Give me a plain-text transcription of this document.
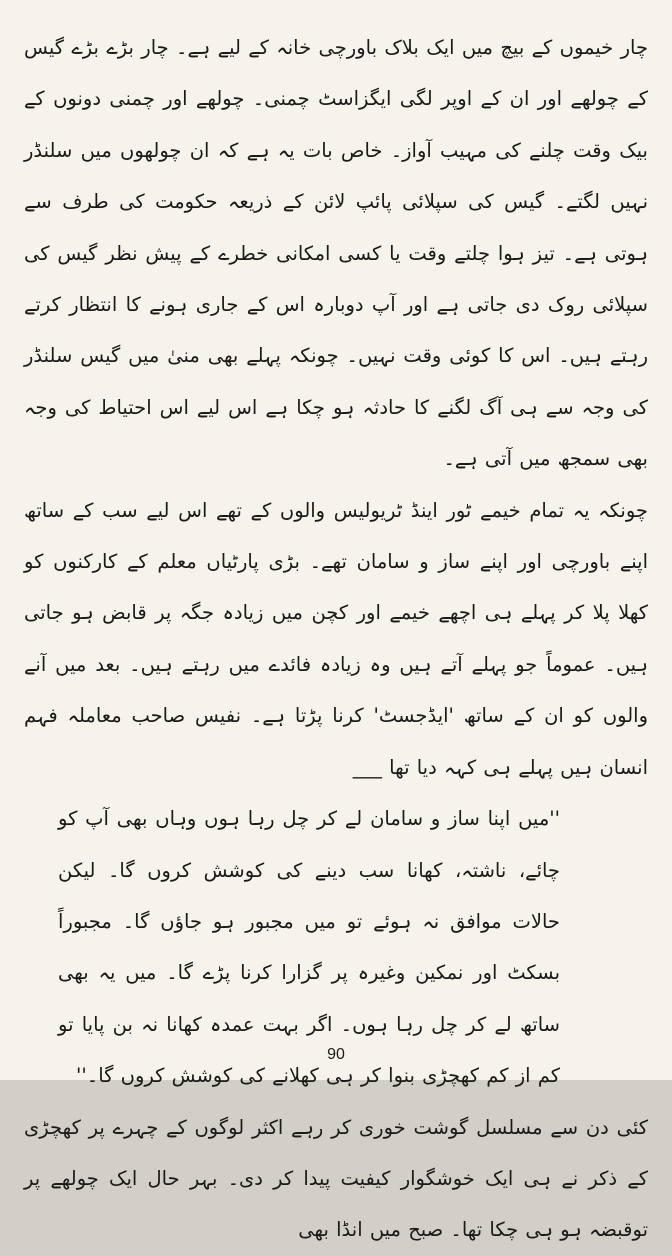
چار خیموں کے بیچ میں ایک بلاک باورچی خانہ کے لیے ہے۔ چار بڑے بڑے گیس کے چولھے اور ان کے اوپر لگی ایگزاسٹ چمنی۔ چولھے اور چمنی دونوں کے بیک وقت چلنے کی مہیب آواز۔ خاص بات یہ ہے کہ ان چولھوں میں سلنڈر نہیں لگتے۔ گیس کی سپلائی پائپ لائن کے ذریعہ حکومت کی طرف سے ہوتی ہے۔ تیز ہوا چلتے وقت یا کسی امکانی خطرے کے پیش نظر گیس کی سپلائی روک دی جاتی ہے اور آپ دوبارہ اس کے جاری ہونے کا انتظار کرتے رہتے ہیں۔ اس کا کوئی وقت نہیں۔ چونکہ پہلے بھی منیٰ میں گیس سلنڈر کی وجہ سے ہی آگ لگنے کا حادثہ ہو چکا ہے اس لیے اس احتیاط کی وجہ بھی سمجھ میں آتی ہے۔

چونکہ یہ تمام خیمے ٹور اینڈ ٹریولیس والوں کے تھے اس لیے سب کے ساتھ اپنے باورچی اور اپنے ساز و سامان تھے۔ بڑی پارٹیاں معلم کے کارکنوں کو کھلا پلا کر پہلے ہی اچھے خیمے اور کچن میں زیادہ جگہ پر قابض ہو جاتی ہیں۔ عموماً جو پہلے آتے ہیں وہ زیادہ فائدے میں رہتے ہیں۔ بعد میں آنے والوں کو ان کے ساتھ 'ایڈجسٹ' کرنا پڑتا ہے۔ نفیس صاحب معاملہ فہم انسان ہیں پہلے ہی کہہ دیا تھا ___

''میں اپنا ساز و سامان لے کر چل رہا ہوں وہاں بھی آپ کو چائے، ناشتہ، کھانا سب دینے کی کوشش کروں گا۔ لیکن حالات موافق نہ ہوئے تو میں مجبور ہو جاؤں گا۔ مجبوراً بسکٹ اور نمکین وغیرہ پر گزارا کرنا پڑے گا۔ میں یہ بھی ساتھ لے کر چل رہا ہوں۔ اگر بہت عمدہ کھانا نہ بن پایا تو کم از کم کھچڑی بنوا کر ہی کھلانے کی کوشش کروں گا۔''

کئی دن سے مسلسل گوشت خوری کر رہے اکثر لوگوں کے چہرے پر کھچڑی کے ذکر نے ہی ایک خوشگوار کیفیت پیدا کر دی۔ بہر حال ایک چولھے پر توقبضہ ہو ہی چکا تھا۔ صبح میں انڈا بھی

90
